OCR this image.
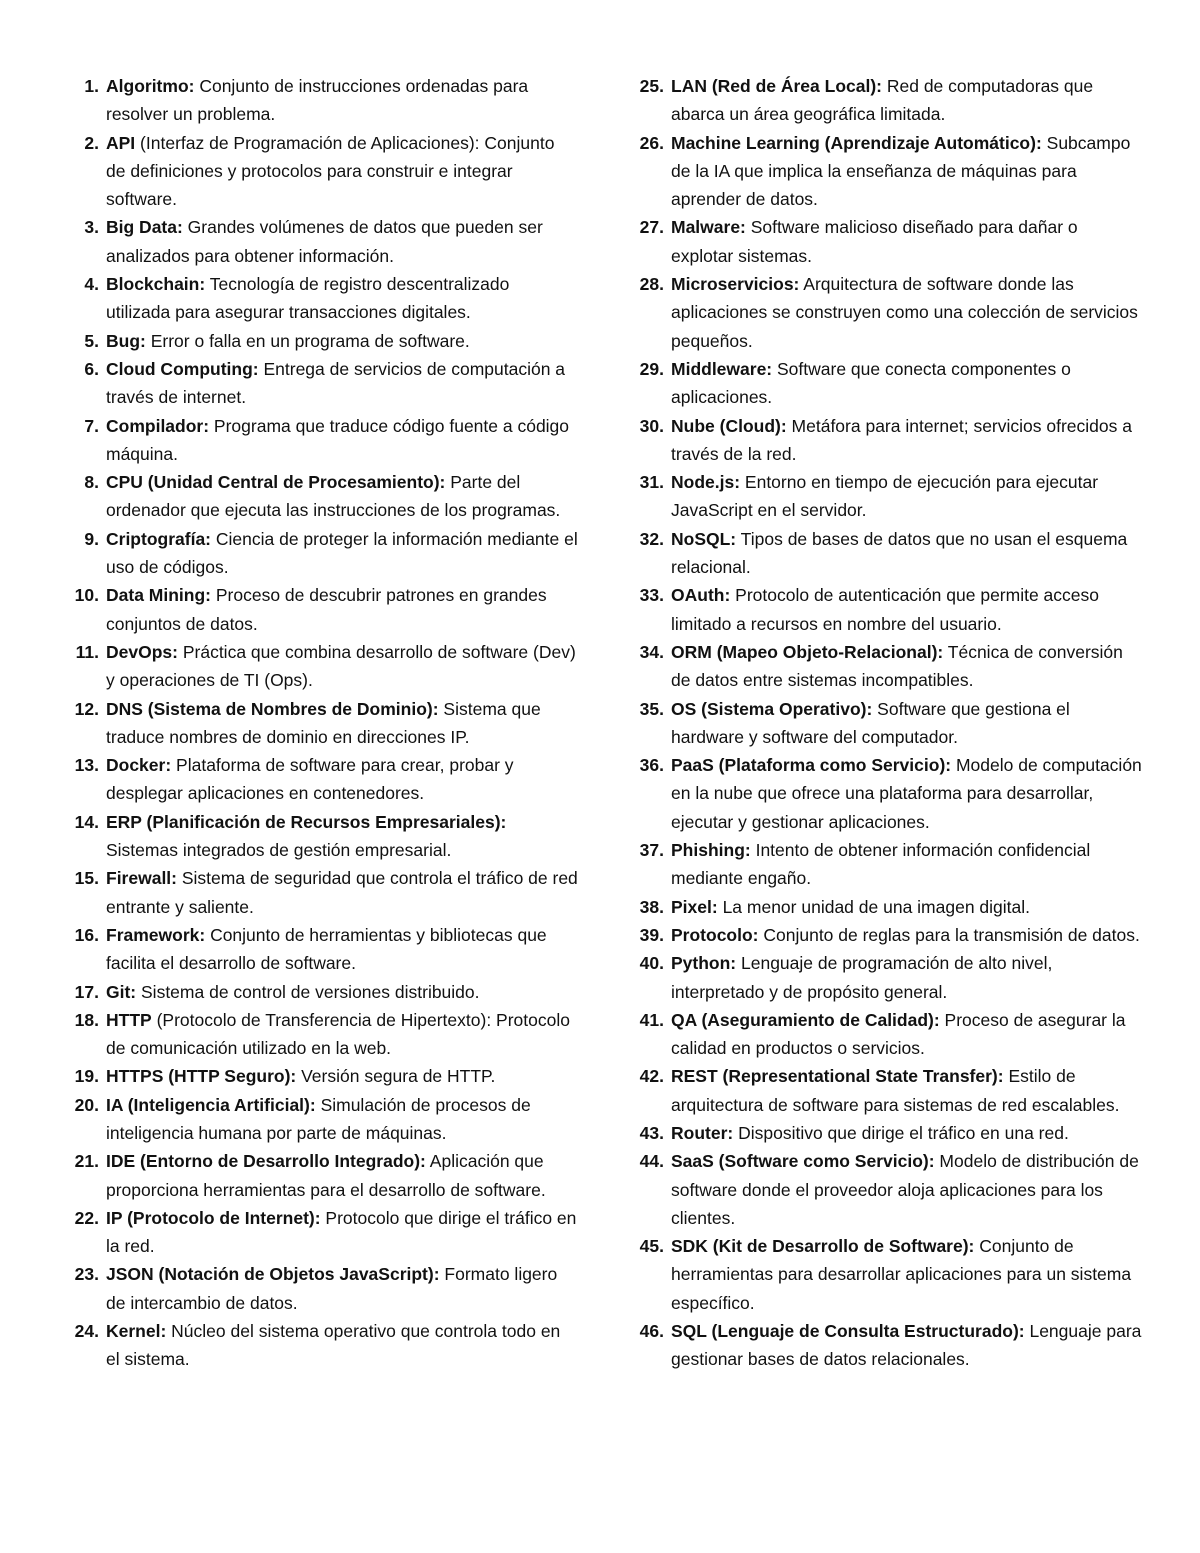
1. Algoritmo: Conjunto de instrucciones ordenadas para resolver un problema.
2. API (Interfaz de Programación de Aplicaciones): Conjunto de definiciones y protocolos para construir e integrar software.
3. Big Data: Grandes volúmenes de datos que pueden ser analizados para obtener información.
4. Blockchain: Tecnología de registro descentralizado utilizada para asegurar transacciones digitales.
5. Bug: Error o falla en un programa de software.
6. Cloud Computing: Entrega de servicios de computación a través de internet.
7. Compilador: Programa que traduce código fuente a código máquina.
8. CPU (Unidad Central de Procesamiento): Parte del ordenador que ejecuta las instrucciones de los programas.
9. Criptografía: Ciencia de proteger la información mediante el uso de códigos.
10. Data Mining: Proceso de descubrir patrones en grandes conjuntos de datos.
11. DevOps: Práctica que combina desarrollo de software (Dev) y operaciones de TI (Ops).
12. DNS (Sistema de Nombres de Dominio): Sistema que traduce nombres de dominio en direcciones IP.
13. Docker: Plataforma de software para crear, probar y desplegar aplicaciones en contenedores.
14. ERP (Planificación de Recursos Empresariales): Sistemas integrados de gestión empresarial.
15. Firewall: Sistema de seguridad que controla el tráfico de red entrante y saliente.
16. Framework: Conjunto de herramientas y bibliotecas que facilita el desarrollo de software.
17. Git: Sistema de control de versiones distribuido.
18. HTTP (Protocolo de Transferencia de Hipertexto): Protocolo de comunicación utilizado en la web.
19. HTTPS (HTTP Seguro): Versión segura de HTTP.
20. IA (Inteligencia Artificial): Simulación de procesos de inteligencia humana por parte de máquinas.
21. IDE (Entorno de Desarrollo Integrado): Aplicación que proporciona herramientas para el desarrollo de software.
22. IP (Protocolo de Internet): Protocolo que dirige el tráfico en la red.
23. JSON (Notación de Objetos JavaScript): Formato ligero de intercambio de datos.
24. Kernel: Núcleo del sistema operativo que controla todo en el sistema.
25. LAN (Red de Área Local): Red de computadoras que abarca un área geográfica limitada.
26. Machine Learning (Aprendizaje Automático): Subcampo de la IA que implica la enseñanza de máquinas para aprender de datos.
27. Malware: Software malicioso diseñado para dañar o explotar sistemas.
28. Microservicios: Arquitectura de software donde las aplicaciones se construyen como una colección de servicios pequeños.
29. Middleware: Software que conecta componentes o aplicaciones.
30. Nube (Cloud): Metáfora para internet; servicios ofrecidos a través de la red.
31. Node.js: Entorno en tiempo de ejecución para ejecutar JavaScript en el servidor.
32. NoSQL: Tipos de bases de datos que no usan el esquema relacional.
33. OAuth: Protocolo de autenticación que permite acceso limitado a recursos en nombre del usuario.
34. ORM (Mapeo Objeto-Relacional): Técnica de conversión de datos entre sistemas incompatibles.
35. OS (Sistema Operativo): Software que gestiona el hardware y software del computador.
36. PaaS (Plataforma como Servicio): Modelo de computación en la nube que ofrece una plataforma para desarrollar, ejecutar y gestionar aplicaciones.
37. Phishing: Intento de obtener información confidencial mediante engaño.
38. Pixel: La menor unidad de una imagen digital.
39. Protocolo: Conjunto de reglas para la transmisión de datos.
40. Python: Lenguaje de programación de alto nivel, interpretado y de propósito general.
41. QA (Aseguramiento de Calidad): Proceso de asegurar la calidad en productos o servicios.
42. REST (Representational State Transfer): Estilo de arquitectura de software para sistemas de red escalables.
43. Router: Dispositivo que dirige el tráfico en una red.
44. SaaS (Software como Servicio): Modelo de distribución de software donde el proveedor aloja aplicaciones para los clientes.
45. SDK (Kit de Desarrollo de Software): Conjunto de herramientas para desarrollar aplicaciones para un sistema específico.
46. SQL (Lenguaje de Consulta Estructurado): Lenguaje para gestionar bases de datos relacionales.
